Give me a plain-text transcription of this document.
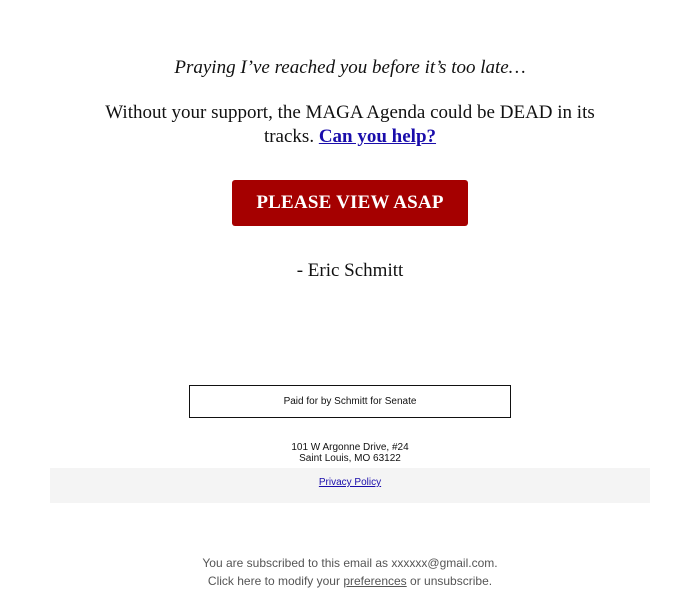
Praying I’ve reached you before it’s too late…
Without your support, the MAGA Agenda could be DEAD in its tracks. Can you help?
PLEASE VIEW ASAP
- Eric Schmitt
Paid for by Schmitt for Senate
101 W Argonne Drive, #24
Saint Louis, MO 63122
Privacy Policy
You are subscribed to this email as xxxxxx@gmail.com.
Click here to modify your preferences or unsubscribe.
